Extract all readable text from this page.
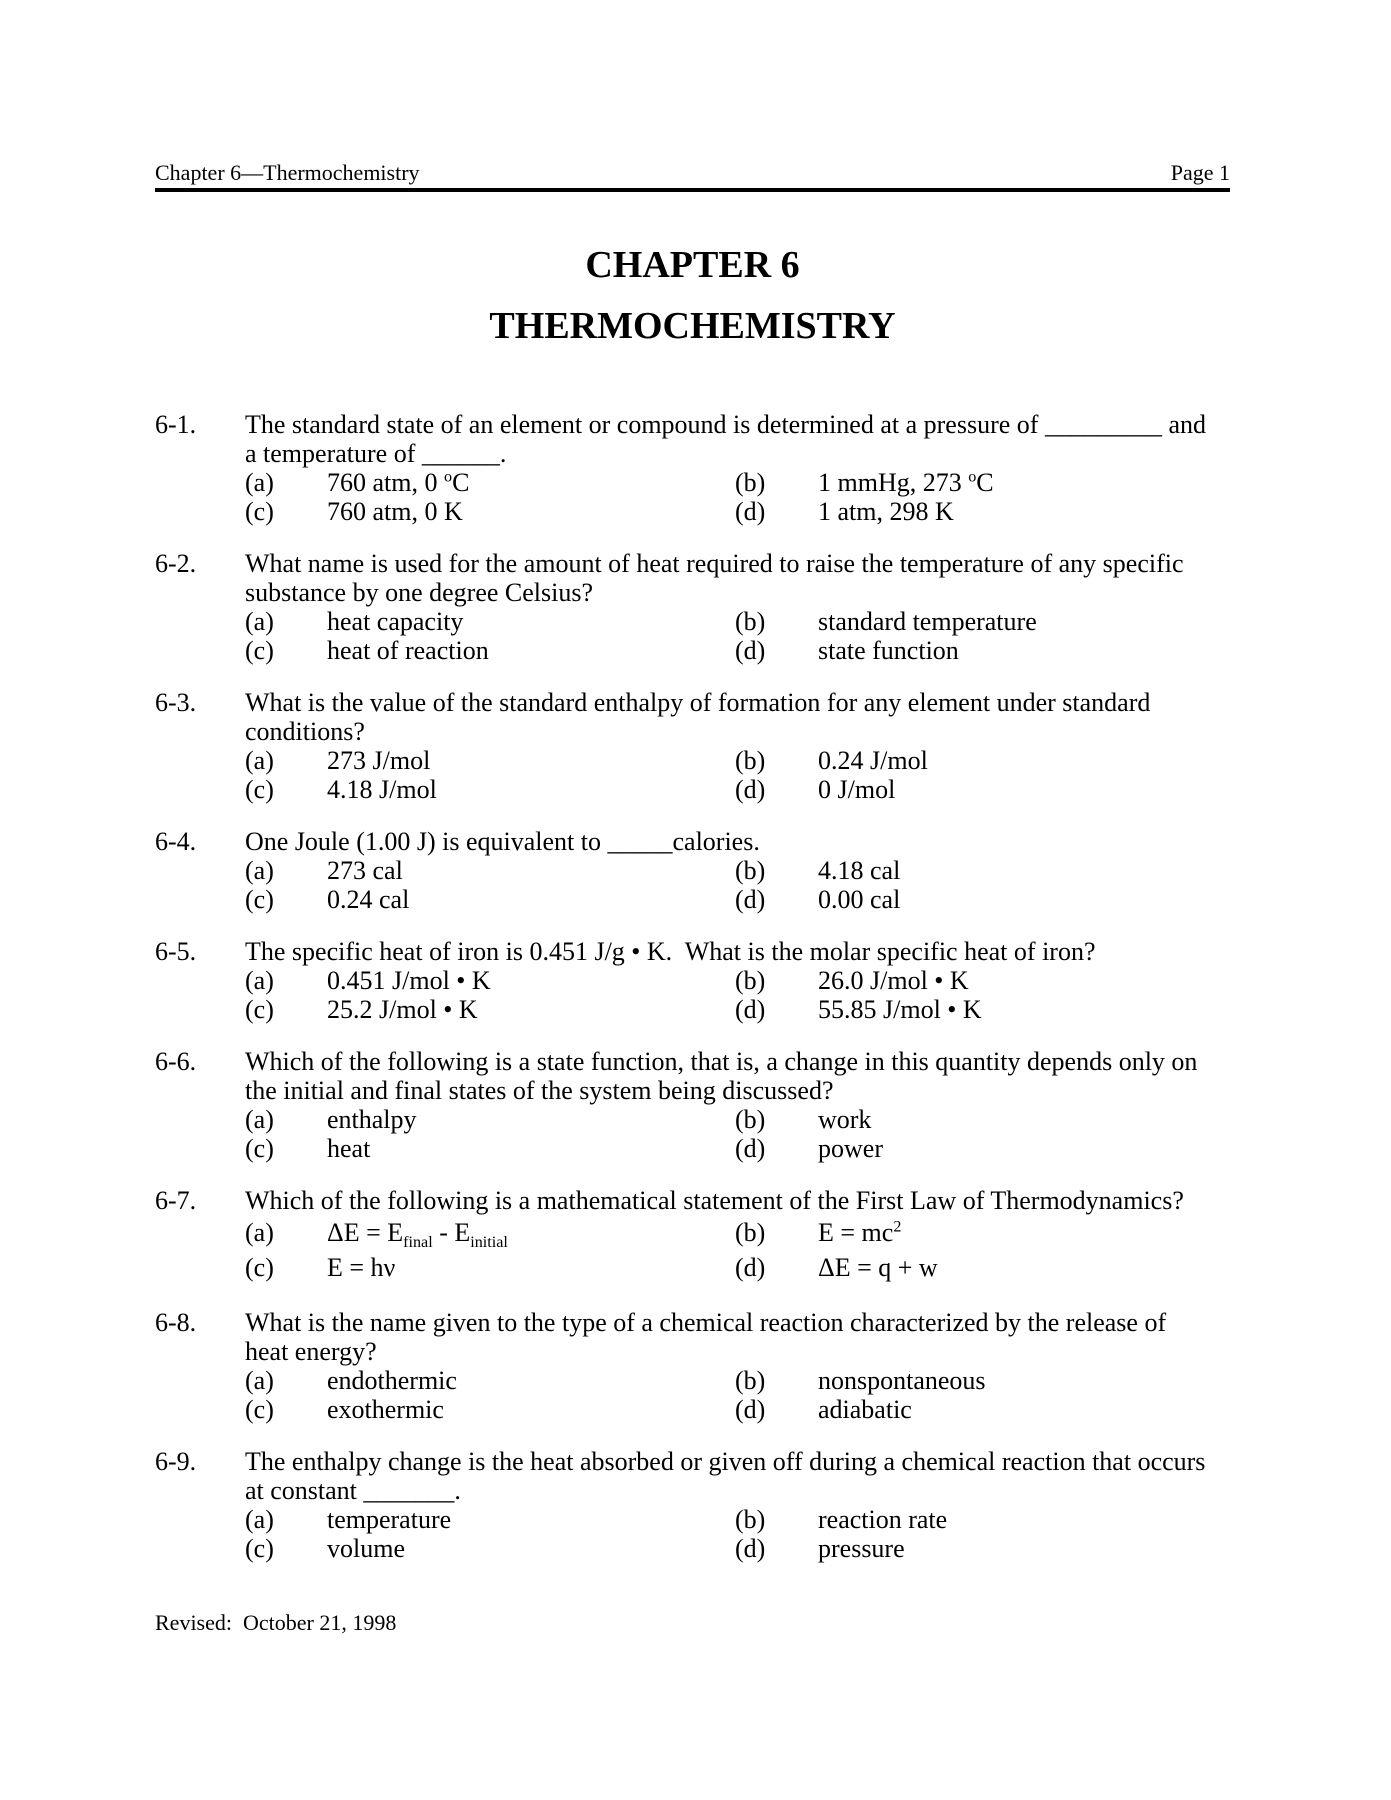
Chapter 6—Thermochemistry	Page 1
CHAPTER 6
THERMOCHEMISTRY
6-1.	The standard state of an element or compound is determined at a pressure of _________ and
a temperature of ______.
(a)	760 atm, 0 $^o$C	(b)	1 mmHg, 273 $^o$C
(c)	760 atm, 0 K	(d)	1 atm, 298 K
6-2.	What name is used for the amount of heat required to raise the temperature of any specific
substance by one degree Celsius?
(a)	heat capacity	(b)	standard temperature
(c)	heat of reaction	(d)	state function
6-3.	What is the value of the standard enthalpy of formation for any element under standard
conditions?
(a)	273 J/mol	(b)	0.24 J/mol
(c)	4.18 J/mol	(d)	0 J/mol
6-4.	One Joule (1.00 J) is equivalent to _____calories.
(a)	273 cal	(b)	4.18 cal
(c)	0.24 cal	(d)	0.00 cal
6-5.	The specific heat of iron is 0.451 J/g • K.  What is the molar specific heat of iron?
(a)	0.451 J/mol • K	(b)	26.0 J/mol • K
(c)	25.2 J/mol • K	(d)	55.85 J/mol • K
6-6.	Which of the following is a state function, that is, a change in this quantity depends only on
the initial and final states of the system being discussed?
(a)	enthalpy	(b)	work
(c)	heat	(d)	power
6-7.	Which of the following is a mathematical statement of the First Law of Thermodynamics?
(a)	$\Delta E = E_{final} - E_{initial}$	(b)	$E = mc^2$
(c)	E = hν	(d)	ΔE = q + w
6-8.	What is the name given to the type of a chemical reaction characterized by the release of
heat energy?
(a)	endothermic	(b)	nonspontaneous
(c)	exothermic	(d)	adiabatic
6-9.	The enthalpy change is the heat absorbed or given off during a chemical reaction that occurs
at constant _______.
(a)	temperature	(b)	reaction rate
(c)	volume	(d)	pressure
Revised:  October 21, 1998
